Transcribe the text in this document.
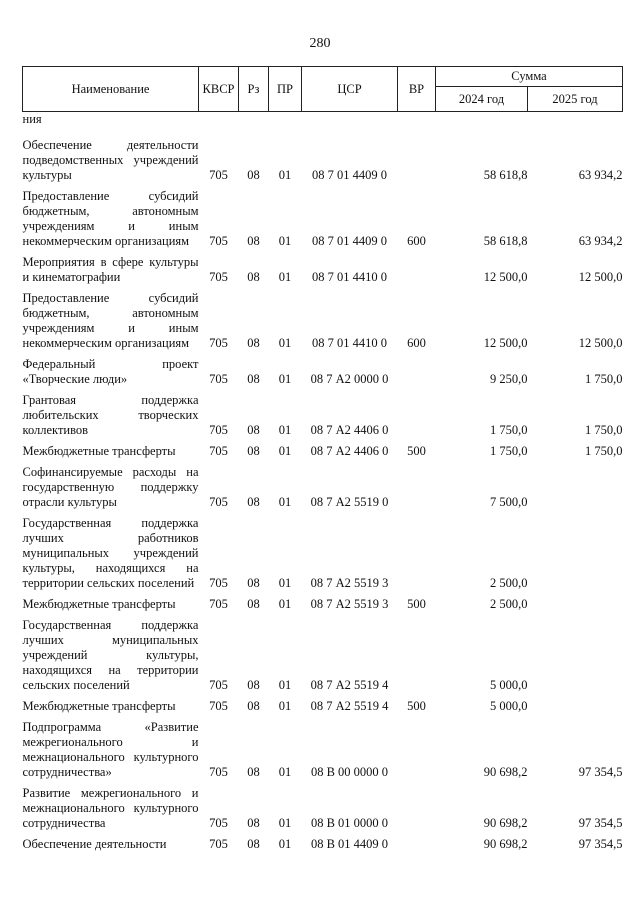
280
Наименование	КВСР	Рз	ПР	ЦСР	ВР	Сумма	
						2024 год	2025 год
ния							
Обеспечение деятельности подведомственных учреждений культуры	705	08	01	08 7 01 4409 0		58 618,8	63 934,2
Предоставление субсидий бюджетным, автономным учреждениям и иным некоммерческим организациям	705	08	01	08 7 01 4409 0	600	58 618,8	63 934,2
Мероприятия в сфере культуры и кинематографии	705	08	01	08 7 01 4410 0		12 500,0	12 500,0
Предоставление субсидий бюджетным, автономным учреждениям и иным некоммерческим организациям	705	08	01	08 7 01 4410 0	600	12 500,0	12 500,0
Федеральный проект «Творческие люди»	705	08	01	08 7 А2 0000 0		9 250,0	1 750,0
Грантовая поддержка любительских творческих коллективов	705	08	01	08 7 А2 4406 0		1 750,0	1 750,0
Межбюджетные трансферты	705	08	01	08 7 А2 4406 0	500	1 750,0	1 750,0
Софинансируемые расходы на государственную поддержку отрасли культуры	705	08	01	08 7 А2 5519 0		7 500,0	
Государственная поддержка лучших работников муниципальных учреждений культуры, находящихся на территории сельских поселений	705	08	01	08 7 А2 5519 3		2 500,0	
Межбюджетные трансферты	705	08	01	08 7 А2 5519 3	500	2 500,0	
Государственная поддержка лучших муниципальных учреждений культуры, находящихся на территории сельских поселений	705	08	01	08 7 А2 5519 4		5 000,0	
Межбюджетные трансферты	705	08	01	08 7 А2 5519 4	500	5 000,0	
Подпрограмма «Развитие межрегионального и межнационального культурного сотрудничества»	705	08	01	08 В 00 0000 0		90 698,2	97 354,5
Развитие межрегионального и межнационального культурного сотрудничества	705	08	01	08 В 01 0000 0		90 698,2	97 354,5
Обеспечение деятельности	705	08	01	08 В 01 4409 0		90 698,2	97 354,5
